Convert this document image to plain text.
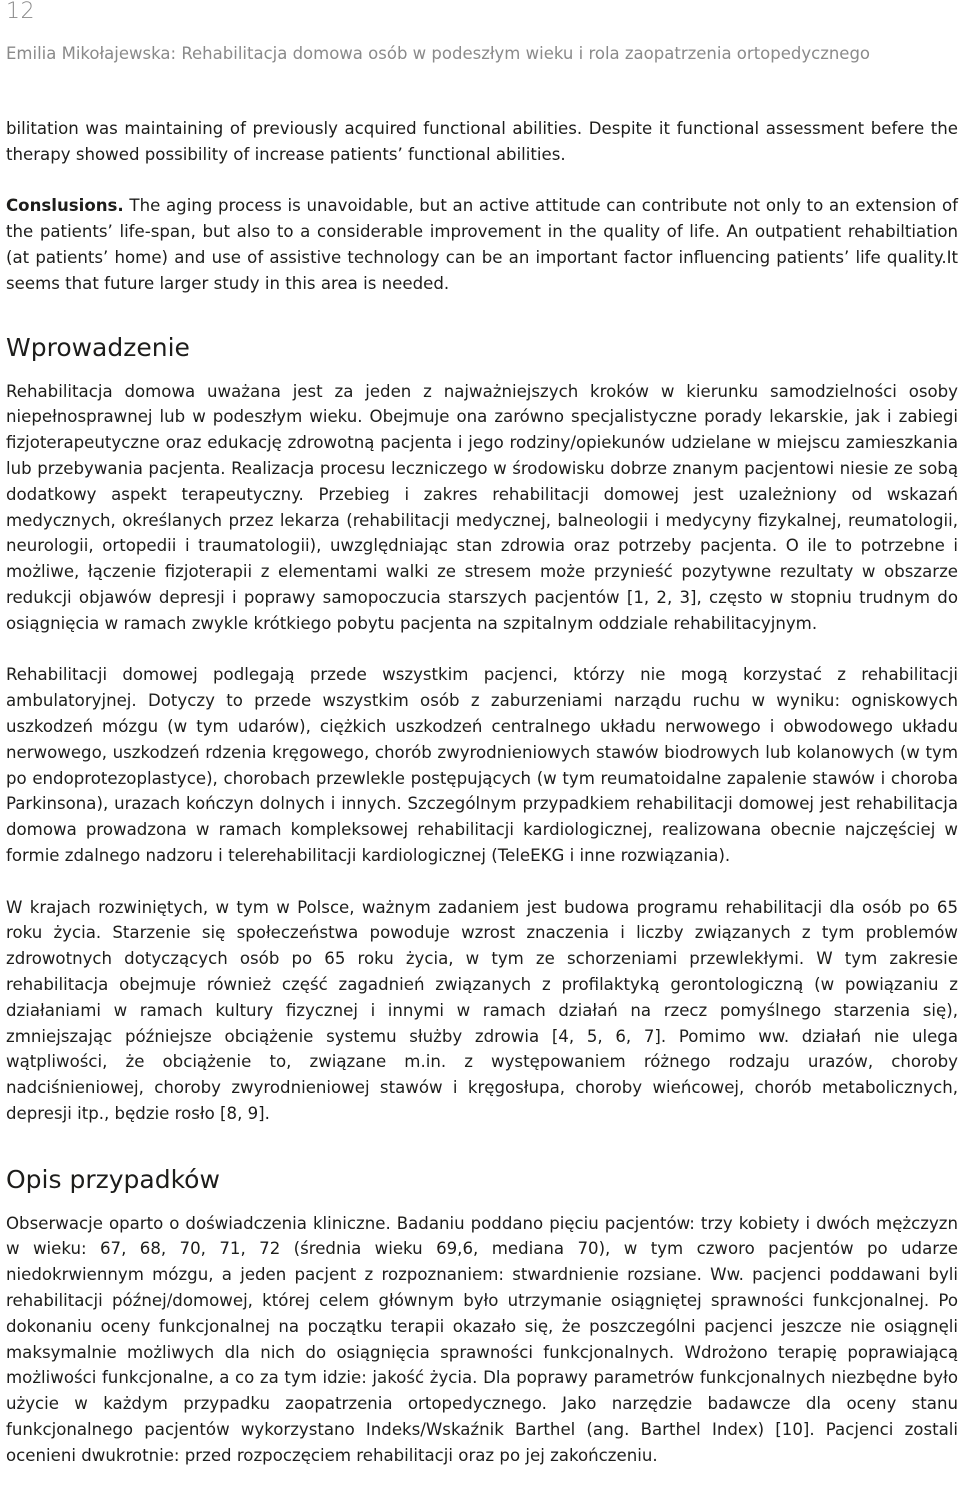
12
Emilia Mikołajewska: Rehabilitacja domowa osób w podeszłym wieku i rola zaopatrzenia ortopedycznego

bilitation was maintaining of previously acquired functional abilities. Despite it functional assessment befere the therapy showed possibility of increase patients’ functional abilities.

Conslusions. The aging process is unavoidable, but an active attitude can contribute not only to an extension of the patients’ life-span, but also to a considerable improvement in the quality of life. An outpatient rehabiltiation (at patients’ home) and use of assistive technology can be an important factor influencing patients’ life quality.It seems that future larger study in this area is needed.

Wprowadzenie

Rehabilitacja domowa uważana jest za jeden z najważniejszych kroków w kierunku samodzielności osoby niepełnosprawnej lub w podeszłym wieku. Obejmuje ona zarówno specjalistyczne porady lekarskie, jak i zabiegi fizjoterapeutyczne oraz edukację zdrowotną pacjenta i jego rodziny/opiekunów udzielane w miejscu zamieszkania lub przebywania pacjenta. Realizacja procesu leczniczego w środowisku dobrze znanym pacjentowi niesie ze sobą dodatkowy aspekt terapeutyczny. Przebieg i zakres rehabilitacji domowej jest uzależniony od wskazań medycznych, określanych przez lekarza (rehabilitacji medycznej, balneologii i medycyny fizykalnej, reumatologii, neurologii, ortopedii i traumatologii), uwzględniając stan zdrowia oraz potrzeby pacjenta. O ile to potrzebne i możliwe, łączenie fizjoterapii z elementami walki ze stresem może przynieść pozytywne rezultaty w obszarze redukcji objawów depresji i poprawy samopoczucia starszych pacjentów [1, 2, 3], często w stopniu trudnym do osiągnięcia w ramach zwykle krótkiego pobytu pacjenta na szpitalnym oddziale rehabilitacyjnym.

Rehabilitacji domowej podlegają przede wszystkim pacjenci, którzy nie mogą korzystać z rehabilitacji ambulatoryjnej. Dotyczy to przede wszystkim osób z zaburzeniami narządu ruchu w wyniku: ogniskowych uszkodzeń mózgu (w tym udarów), ciężkich uszkodzeń centralnego układu nerwowego i obwodowego układu nerwowego, uszkodzeń rdzenia kręgowego, chorób zwyrodnieniowych stawów biodrowych lub kolanowych (w tym po endoprotezoplastyce), chorobach przewlekle postępujących (w tym reumatoidalne zapalenie stawów i choroba Parkinsona), urazach kończyn dolnych i innych. Szczególnym przypadkiem rehabilitacji domowej jest rehabilitacja domowa prowadzona w ramach kompleksowej rehabilitacji kardiologicznej, realizowana obecnie najczęściej w formie zdalnego nadzoru i telerehabilitacji kardiologicznej (TeleEKG i inne rozwiązania).

W krajach rozwiniętych, w tym w Polsce, ważnym zadaniem jest budowa programu rehabilitacji dla osób po 65 roku życia. Starzenie się społeczeństwa powoduje wzrost znaczenia i liczby związanych z tym problemów zdrowotnych dotyczących osób po 65 roku życia, w tym ze schorzeniami przewlekłymi. W tym zakresie rehabilitacja obejmuje również część zagadnień związanych z profilaktyką gerontologiczną (w powiązaniu z działaniami w ramach kultury fizycznej i innymi w ramach działań na rzecz pomyślnego starzenia się), zmniejszając późniejsze obciążenie systemu służby zdrowia [4, 5, 6, 7]. Pomimo ww. działań nie ulega wątpliwości, że obciążenie to, związane m.in. z występowaniem różnego rodzaju urazów, choroby nadciśnieniowej, choroby zwyrodnieniowej stawów i kręgosłupa, choroby wieńcowej, chorób metabolicznych, depresji itp., będzie rosło [8, 9].

Opis przypadków

Obserwacje oparto o doświadczenia kliniczne. Badaniu poddano pięciu pacjentów: trzy kobiety i dwóch mężczyzn w wieku: 67, 68, 70, 71, 72 (średnia wieku 69,6, mediana 70), w tym czworo pacjentów po udarze niedokrwiennym mózgu, a jeden pacjent z rozpoznaniem: stwardnienie rozsiane. Ww. pacjenci poddawani byli rehabilitacji późnej/domowej, której celem głównym było utrzymanie osiągniętej sprawności funkcjonalnej. Po dokonaniu oceny funkcjonalnej na początku terapii okazało się, że poszczególni pacjenci jeszcze nie osiągnęli maksymalnie możliwych dla nich do osiągnięcia sprawności funkcjonalnych. Wdrożono terapię poprawiającą możliwości funkcjonalne, a co za tym idzie: jakość życia. Dla poprawy parametrów funkcjonalnych niezbędne było użycie w każdym przypadku zaopatrzenia ortopedycznego. Jako narzędzie badawcze dla oceny stanu funkcjonalnego pacjentów wykorzystano Indeks/Wskaźnik Barthel (ang. Barthel Index) [10]. Pacjenci zostali ocenieni dwukrotnie: przed rozpoczęciem rehabilitacji oraz po jej zakończeniu.
